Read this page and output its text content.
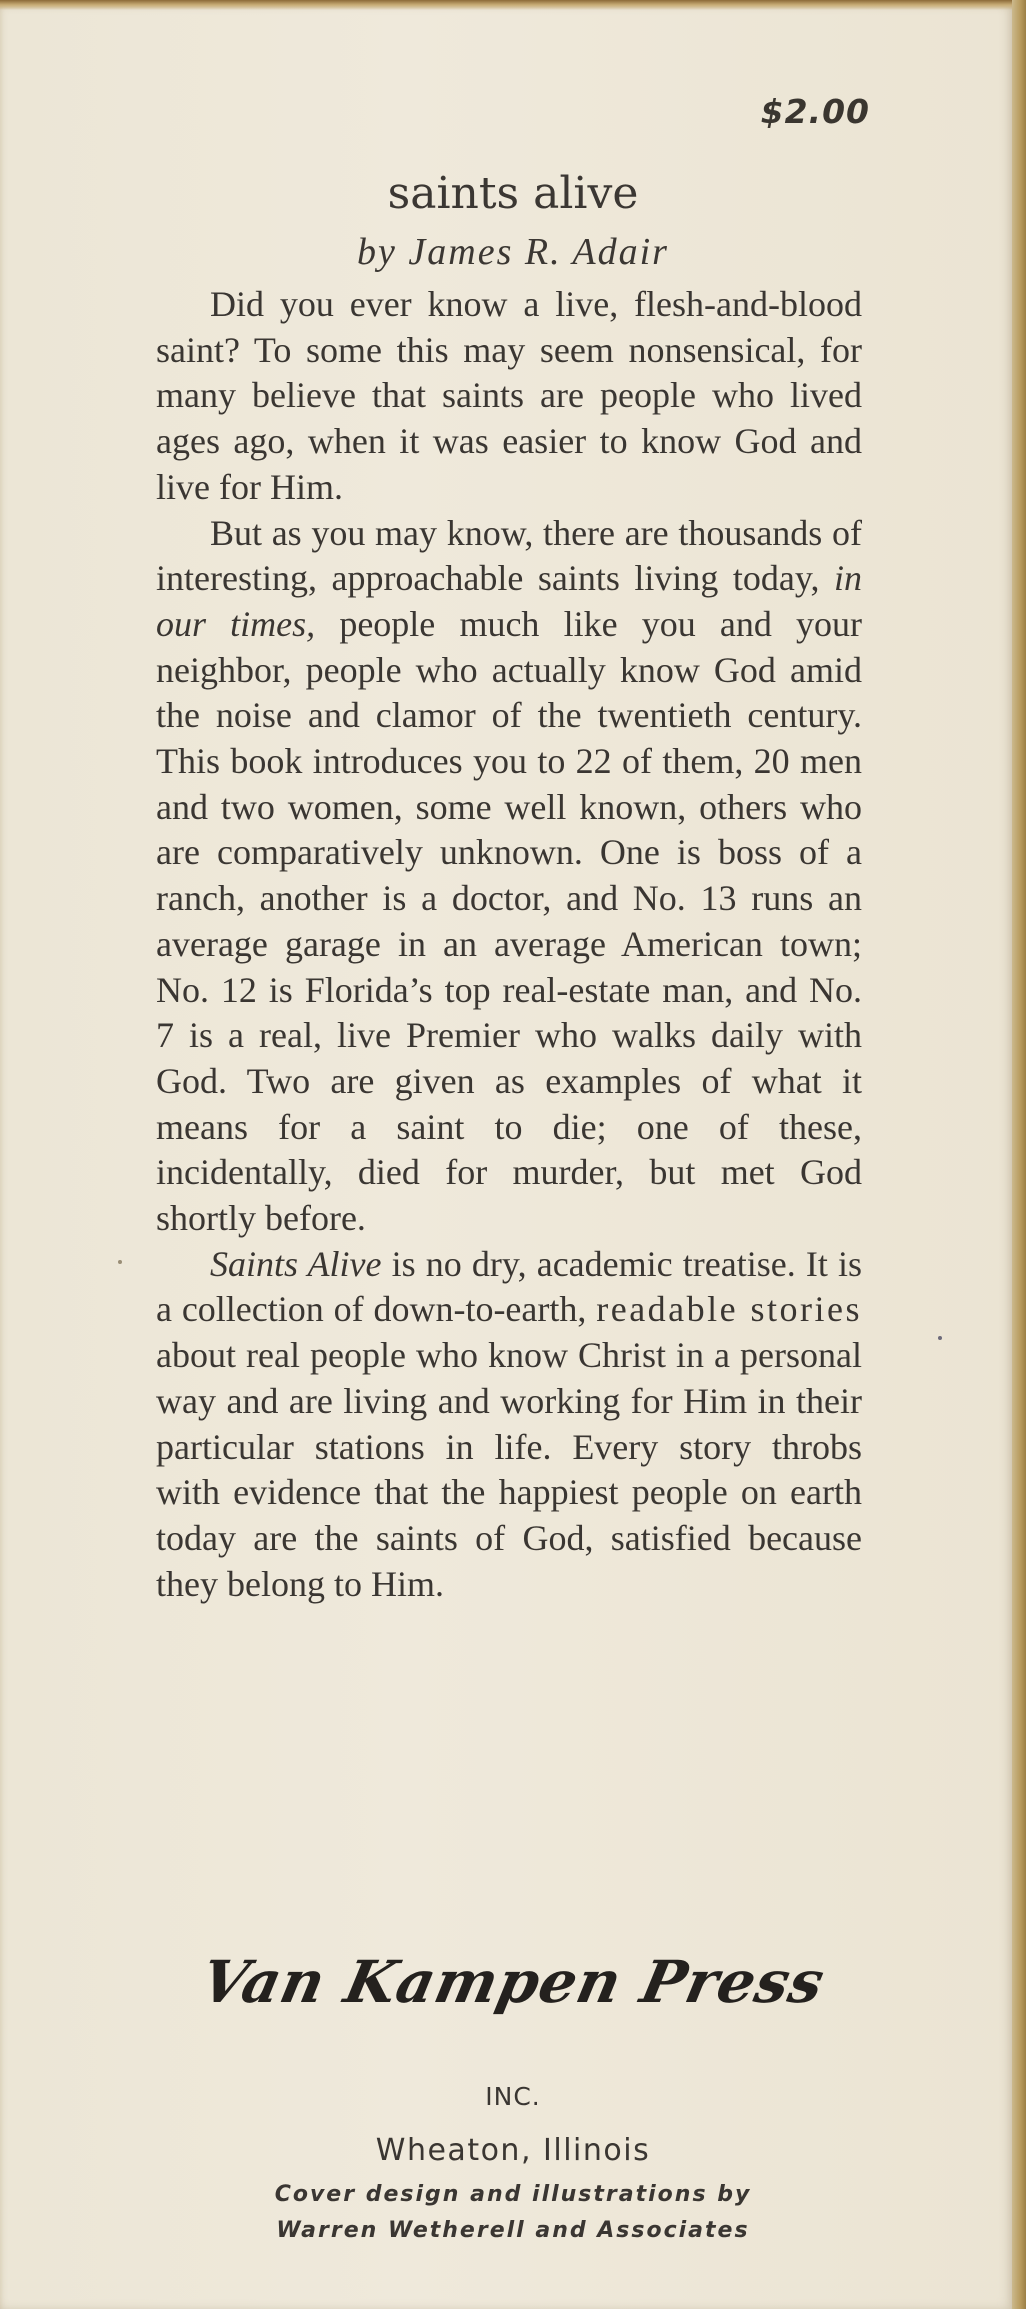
$2.00
saints alive
by James R. Adair

Did you ever know a live, flesh-and-blood saint? To some this may seem nonsensical, for many believe that saints are people who lived ages ago, when it was easier to know God and live for Him.

But as you may know, there are thousands of interesting, approachable saints living today, in our times, people much like you and your neighbor, people who actually know God amid the noise and clamor of the twentieth century. This book introduces you to 22 of them, 20 men and two women, some well known, others who are comparatively unknown. One is boss of a ranch, another is a doctor, and No. 13 runs an average garage in an average American town; No. 12 is Florida’s top real-estate man, and No. 7 is a real, live Premier who walks daily with God. Two are given as examples of what it means for a saint to die; one of these, incidentally, died for murder, but met God shortly before.

Saints Alive is no dry, academic treatise. It is a collection of down-to-earth, readable stories about real people who know Christ in a personal way and are living and working for Him in their particular stations in life. Every story throbs with evidence that the happiest people on earth today are the saints of God, satisfied because they belong to Him.

Van Kampen Press
INC.
Wheaton, Illinois
Cover design and illustrations by
Warren Wetherell and Associates
